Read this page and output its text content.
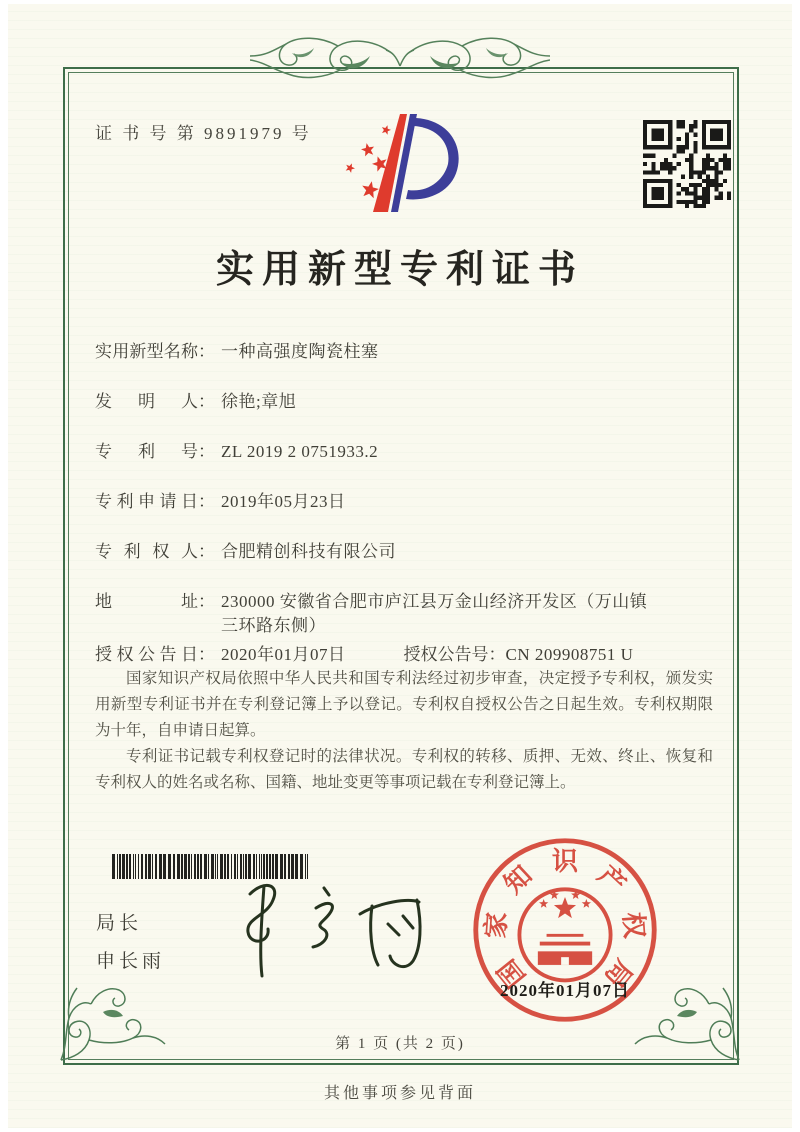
证 书 号 第 9891979 号
实用新型专利证书
实用新型名称： 一种高强度陶瓷柱塞
发明人： 徐艳;章旭
专利号： ZL 2019 2 0751933.2
专利申请日： 2019年05月23日
专利权人： 合肥精创科技有限公司
地址： 230000 安徽省合肥市庐江县万金山经济开发区（万山镇
三环路东侧）
授权公告日： 2020年01月07日	授权公告号：CN 209908751 U

国家知识产权局依照中华人民共和国专利法经过初步审查，决定授予专利权，颁发实用新型专利证书并在专利登记簿上予以登记。专利权自授权公告之日起生效。专利权期限为十年，自申请日起算。

专利证书记载专利权登记时的法律状况。专利权的转移、质押、无效、终止、恢复和专利权人的姓名或名称、国籍、地址变更等事项记载在专利登记簿上。

局长
申长雨	国
家
知 识 产
权
局
2020年01月07日
第 1 页 (共 2 页)
其他事项参见背面
